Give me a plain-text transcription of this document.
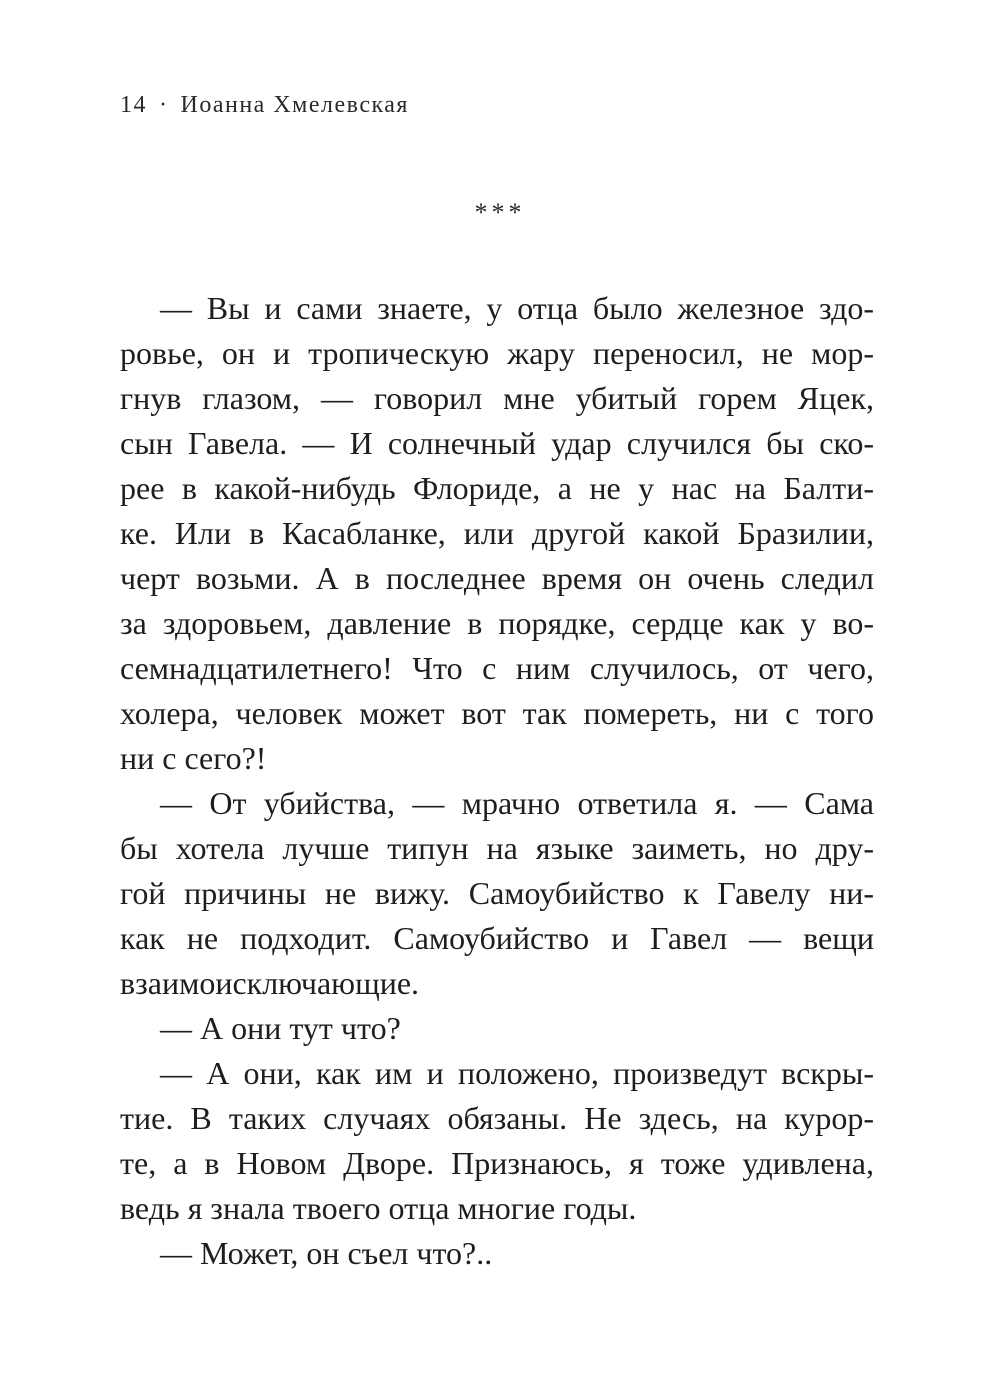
14 · Иоанна Хмелевская
***
— Вы и сами знаете, у отца было железное здо-
ровье, он и тропическую жару переносил, не мор-
гнув глазом, — говорил мне убитый горем Яцек,
сын Гавела. — И солнечный удар случился бы ско-
рее в какой-нибудь Флориде, а не у нас на Балти-
ке. Или в Касабланке, или другой какой Бразилии,
черт возьми. А в последнее время он очень следил
за здоровьем, давление в порядке, сердце как у во-
семнадцатилетнего! Что с ним случилось, от чего,
холера, человек может вот так помереть, ни с того
ни с сего?!
— От убийства, — мрачно ответила я. — Сама
бы хотела лучше типун на языке заиметь, но дру-
гой причины не вижу. Самоубийство к Гавелу ни-
как не подходит. Самоубийство и Гавел — вещи
взаимоисключающие.
— А они тут что?
— А они, как им и положено, произведут вскры-
тие. В таких случаях обязаны. Не здесь, на курор-
те, а в Новом Дворе. Признаюсь, я тоже удивлена,
ведь я знала твоего отца многие годы.
— Может, он съел что?..
